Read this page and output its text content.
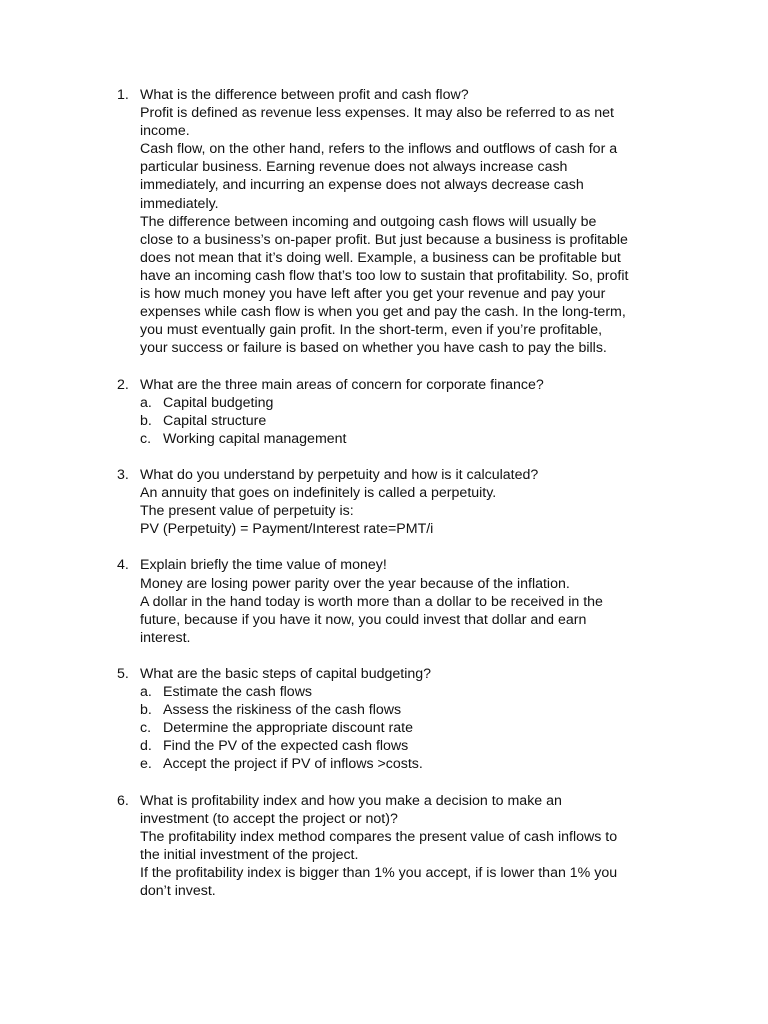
1. What is the difference between profit and cash flow?
Profit is defined as revenue less expenses. It may also be referred to as net
income.
Cash flow, on the other hand, refers to the inflows and outflows of cash for a
particular business. Earning revenue does not always increase cash
immediately, and incurring an expense does not always decrease cash
immediately.
The difference between incoming and outgoing cash flows will usually be
close to a business’s on-paper profit. But just because a business is profitable
does not mean that it’s doing well. Example, a business can be profitable but
have an incoming cash flow that’s too low to sustain that profitability. So, profit
is how much money you have left after you get your revenue and pay your
expenses while cash flow is when you get and pay the cash. In the long-term,
you must eventually gain profit. In the short-term, even if you’re profitable,
your success or failure is based on whether you have cash to pay the bills.
2. What are the three main areas of concern for corporate finance?
a. Capital budgeting
b. Capital structure
c. Working capital management
3. What do you understand by perpetuity and how is it calculated?
An annuity that goes on indefinitely is called a perpetuity.
The present value of perpetuity is:
PV (Perpetuity) = Payment/Interest rate=PMT/i
4. Explain briefly the time value of money!
Money are losing power parity over the year because of the inflation.
A dollar in the hand today is worth more than a dollar to be received in the
future, because if you have it now, you could invest that dollar and earn
interest.
5. What are the basic steps of capital budgeting?
a. Estimate the cash flows
b. Assess the riskiness of the cash flows
c. Determine the appropriate discount rate
d. Find the PV of the expected cash flows
e. Accept the project if PV of inflows >costs.
6. What is profitability index and how you make a decision to make an
investment (to accept the project or not)?
The profitability index method compares the present value of cash inflows to
the initial investment of the project.
If the profitability index is bigger than 1% you accept, if is lower than 1% you
don’t invest.
